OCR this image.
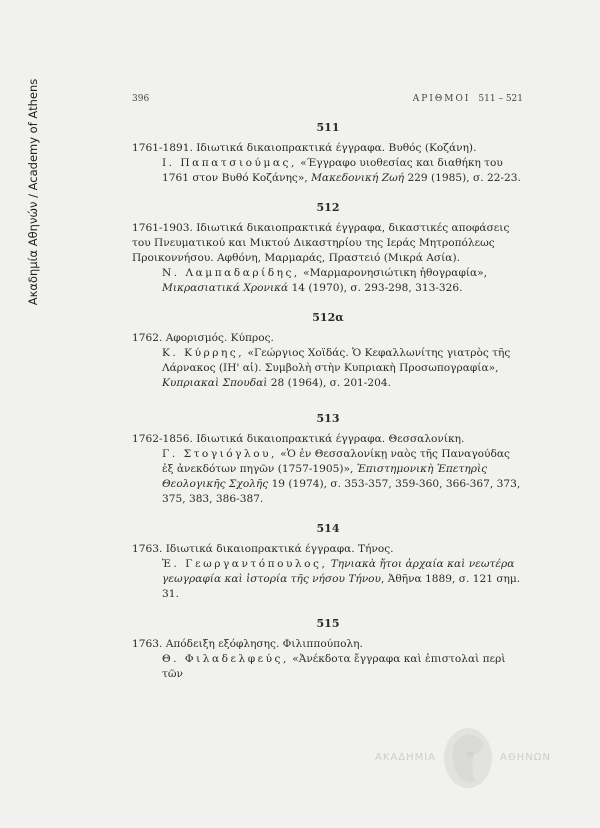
Ακαδημία Αθηνών / Academy of Athens	396	ΑΡΙΘΜΟΙ 511 – 521

511

1761-1891. Ιδιωτικά δικαιοπρακτικά έγγραφα. Βυθός (Κοζάνη).

Ι. Παπατσιούμας, «Έγγραφο υιοθεσίας και διαθήκη του 1761 στον Βυθό Κοζάνης», Μακεδονική Ζωή 229 (1985), σ. 22-23.

512

1761-1903. Ιδιωτικά δικαιοπρακτικά έγγραφα, δικαστικές αποφάσεις του Πνευματικού και Μικτού Δικαστηρίου της Ιεράς Μητροπόλεως Προικοννήσου. Αφθόνη, Μαρμαράς, Πραστειό (Μικρά Ασία).

Ν. Λαμπαδαρίδης, «Μαρμαρονησιώτικη ἠθογραφία», Μικρασιατικά Χρονικά 14 (1970), σ. 293-298, 313-326.

512α

1762. Αφορισμός. Κύπρος.

Κ. Κύρρης, «Γεώργιος Χοϊδάς. Ὁ Κεφαλλωνίτης γιατρὸς τῆς Λάρνακος (ΙΗ' αἰ). Συμβολὴ στὴν Κυπριακὴ Προσωπογραφία», Κυπριακαὶ Σπουδαὶ 28 (1964), σ. 201-204.

513

1762-1856. Ιδιωτικά δικαιοπρακτικά έγγραφα. Θεσσαλονίκη.

Γ. Στογιόγλου, «Ὁ ἐν Θεσσαλονίκῃ ναὸς τῆς Παναγούδας ἐξ ἀνεκδότων πηγῶν (1757-1905)», Ἐπιστημονικὴ Ἐπετηρὶς Θεολογικῆς Σχολῆς 19 (1974), σ. 353-357, 359-360, 366-367, 373, 375, 383, 386-387.

514

1763. Ιδιωτικά δικαιοπρακτικά έγγραφα. Τήνος.

Ἐ. Γεωργαντόπουλος, Τηνιακὰ ἤτοι ἀρχαία καὶ νεωτέρα γεωγραφία καὶ ἱστορία τῆς νήσου Τήνου, Ἀθῆνα 1889, σ. 121 σημ. 31.

515

1763. Απόδειξη εξόφλησης. Φιλιππούπολη.

Θ. Φιλαδελφεύς, «Ἀνέκδοτα ἔγγραφα καὶ ἐπιστολαὶ περὶ τῶν

ΑΚΑΔΗΜΙΑ	ΑΘΗΝΩΝ
